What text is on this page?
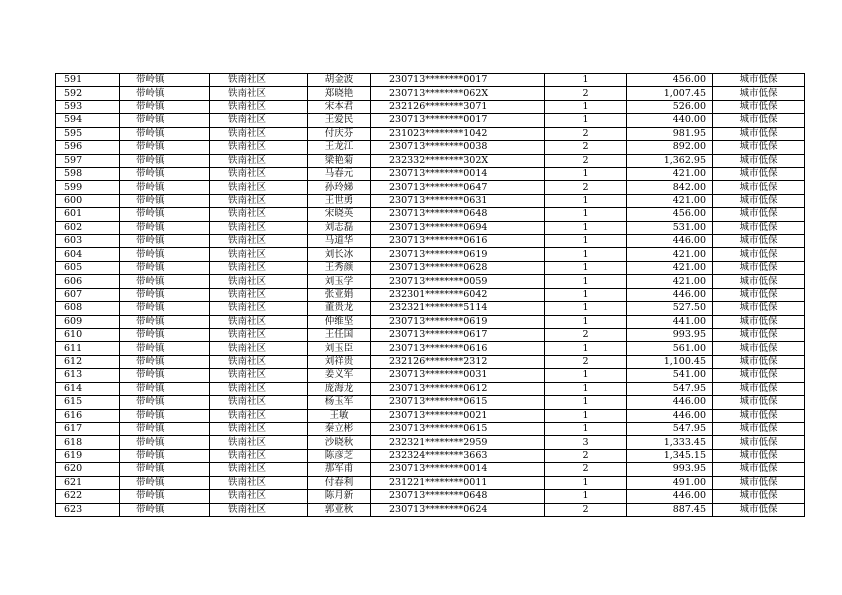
591	带岭镇	铁南社区	胡金波	230713********0017	1	456.00	城市低保
592	带岭镇	铁南社区	郑晓艳	230713********062X	2	1,007.45	城市低保
593	带岭镇	铁南社区	宋本君	232126********3071	1	526.00	城市低保
594	带岭镇	铁南社区	王爱民	230713********0017	1	440.00	城市低保
595	带岭镇	铁南社区	付庆芬	231023********1042	2	981.95	城市低保
596	带岭镇	铁南社区	王龙江	230713********0038	2	892.00	城市低保
597	带岭镇	铁南社区	梁艳菊	232332********302X	2	1,362.95	城市低保
598	带岭镇	铁南社区	马春元	230713********0014	1	421.00	城市低保
599	带岭镇	铁南社区	孙玲娣	230713********0647	2	842.00	城市低保
600	带岭镇	铁南社区	王世勇	230713********0631	1	421.00	城市低保
601	带岭镇	铁南社区	宋晓英	230713********0648	1	456.00	城市低保
602	带岭镇	铁南社区	刘志磊	230713********0694	1	531.00	城市低保
603	带岭镇	铁南社区	马道华	230713********0616	1	446.00	城市低保
604	带岭镇	铁南社区	刘长冰	230713********0619	1	421.00	城市低保
605	带岭镇	铁南社区	王秀颜	230713********0628	1	421.00	城市低保
606	带岭镇	铁南社区	刘玉学	230713********0059	1	421.00	城市低保
607	带岭镇	铁南社区	张亚娟	232301********6042	1	446.00	城市低保
608	带岭镇	铁南社区	董贵龙	232321********5114	1	527.50	城市低保
609	带岭镇	铁南社区	仲维坚	230713********0619	1	441.00	城市低保
610	带岭镇	铁南社区	王任国	230713********0617	2	993.95	城市低保
611	带岭镇	铁南社区	刘玉臣	230713********0616	1	561.00	城市低保
612	带岭镇	铁南社区	刘祥贵	232126********2312	2	1,100.45	城市低保
613	带岭镇	铁南社区	姜义军	230713********0031	1	541.00	城市低保
614	带岭镇	铁南社区	庞海龙	230713********0612	1	547.95	城市低保
615	带岭镇	铁南社区	杨玉军	230713********0615	1	446.00	城市低保
616	带岭镇	铁南社区	王敏	230713********0021	1	446.00	城市低保
617	带岭镇	铁南社区	秦立彬	230713********0615	1	547.95	城市低保
618	带岭镇	铁南社区	沙晓秋	232321********2959	3	1,333.45	城市低保
619	带岭镇	铁南社区	陈彦芝	232324********3663	2	1,345.15	城市低保
620	带岭镇	铁南社区	那军甫	230713********0014	2	993.95	城市低保
621	带岭镇	铁南社区	付春利	231221********0011	1	491.00	城市低保
622	带岭镇	铁南社区	陈月新	230713********0648	1	446.00	城市低保
623	带岭镇	铁南社区	郭亚秋	230713********0624	2	887.45	城市低保
